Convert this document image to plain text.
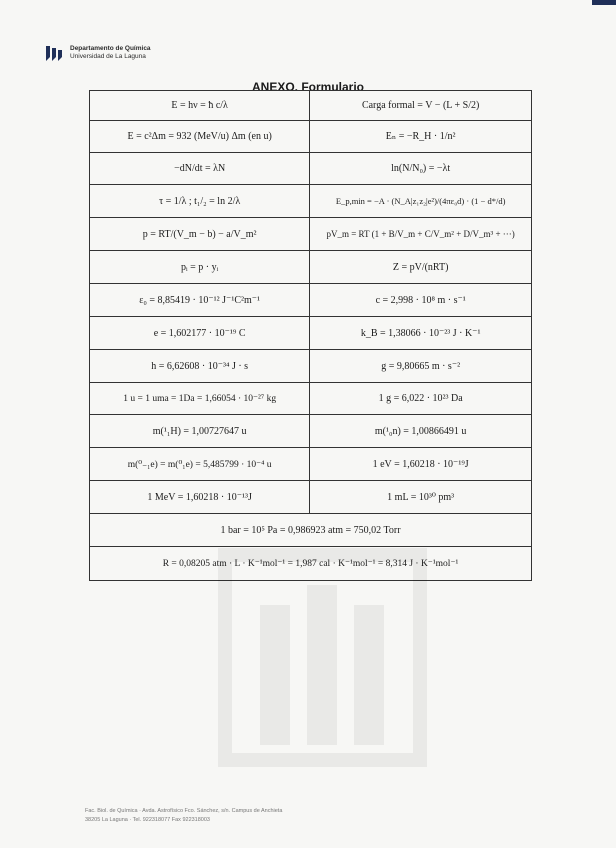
Departamento de Química
Universidad de La Laguna
ANEXO. Formulario
E = hν = ħ c/λ	Carga formal = V − (L + S/2)
E = c²Δm = 932 (MeV/u) Δm (en u)	Eₙ = −R_H · 1/n²
−dN/dt = λN	ln(N/N₀) = −λt
τ = 1/λ ; t₁/₂ = ln 2/λ	E_p,min = −A · (N_A|z₁z₂|e²)/(4πε₀d) · (1 − d*/d)
p = RT/(V_m − b) − a/V_m²	pV_m = RT (1 + B/V_m + C/V_m² + D/V_m³ + ···)
pᵢ = p · yᵢ	Z = pV/(nRT)
ε₀ = 8,85419 · 10⁻¹² J⁻¹C²m⁻¹	c = 2,998 · 10⁸ m · s⁻¹
e = 1,602177 · 10⁻¹⁹ C	k_B = 1,38066 · 10⁻²³ J · K⁻¹
h = 6,62608 · 10⁻³⁴ J · s	g = 9,80665 m · s⁻²
1 u = 1 uma = 1Da = 1,66054 · 10⁻²⁷ kg	1 g = 6,022 · 10²³ Da
m(¹₁H) = 1,00727647 u	m(¹₀n) = 1,00866491 u
m(⁰₋₁e) = m(⁰₁e) = 5,485799 · 10⁻⁴ u	1 eV = 1,60218 · 10⁻¹⁹J
1 MeV = 1,60218 · 10⁻¹³J	1 mL = 10³⁰ pm³
1 bar = 10⁵ Pa = 0,986923 atm = 750,02 Torr	
R = 0,08205 atm · L · K⁻¹mol⁻¹ = 1,987 cal · K⁻¹mol⁻¹ = 8,314 J · K⁻¹mol⁻¹	
Fac. Biol. de Química · Avda. Astrofísico Fco. Sánchez, s/n. Campus de Anchieta
38205 La Laguna · Tel. 922318077 Fax 922318003
